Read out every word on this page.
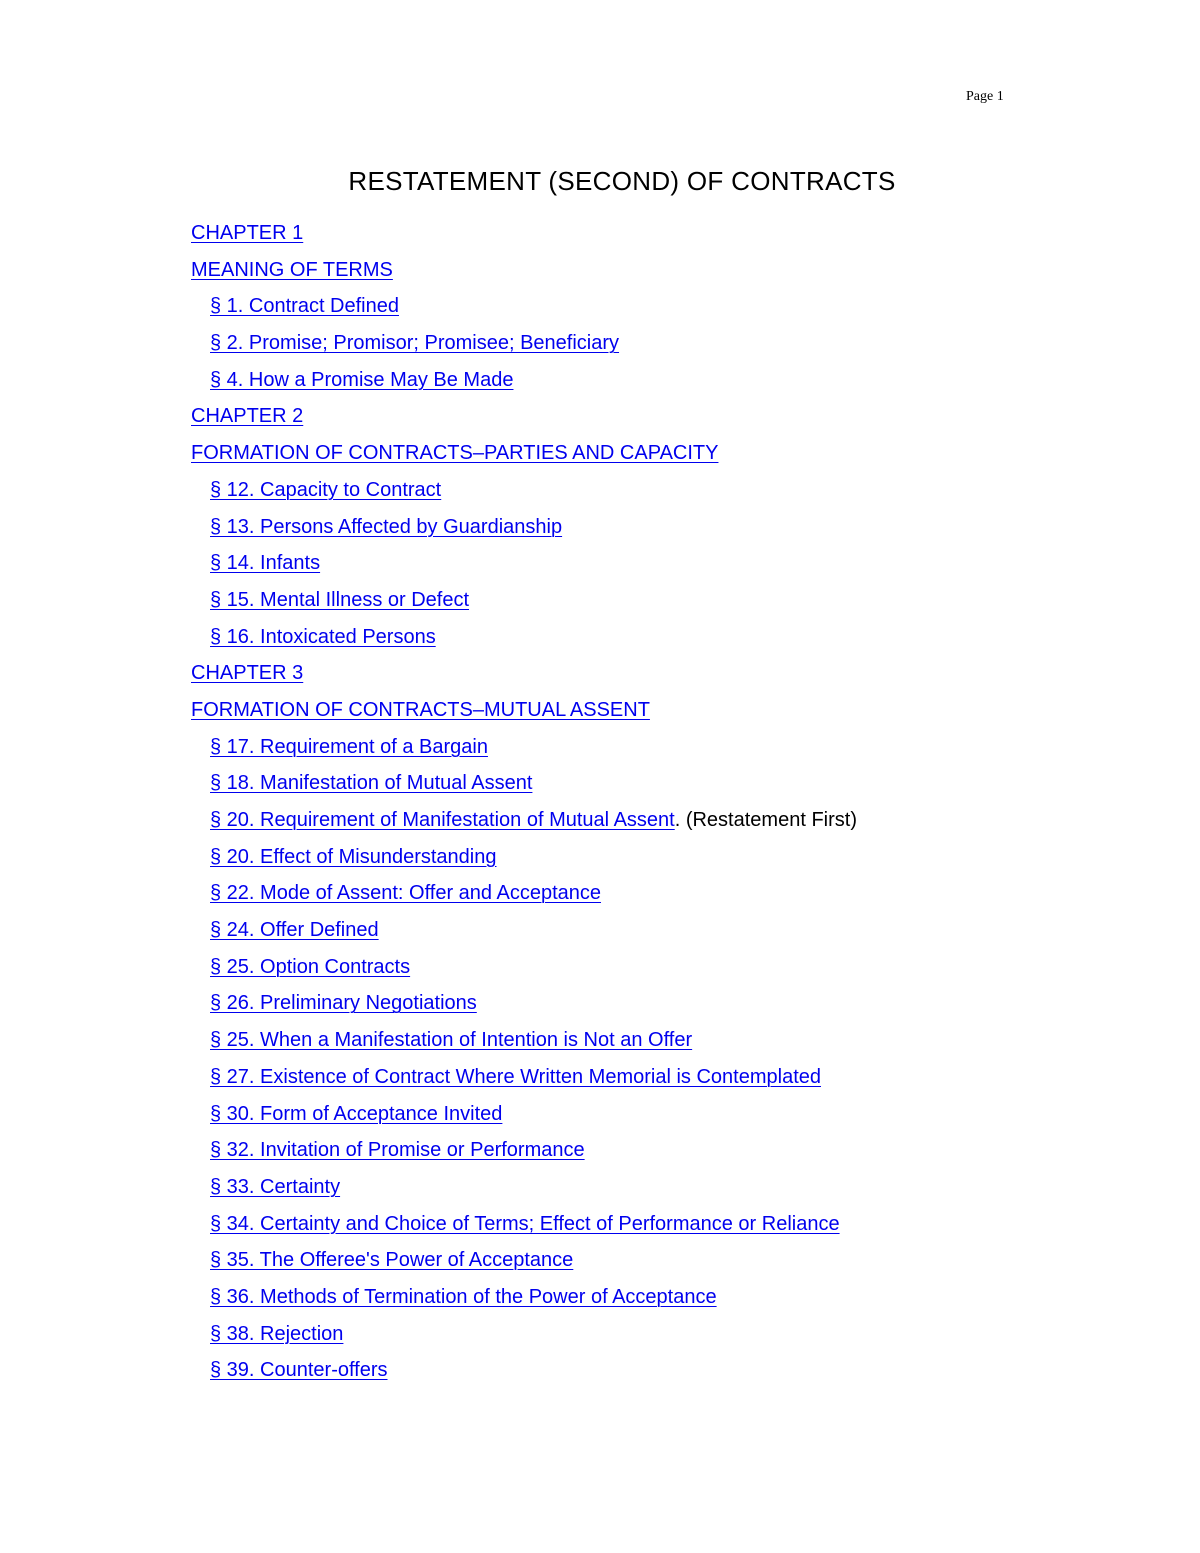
Page 1
RESTATEMENT (SECOND) OF CONTRACTS
CHAPTER 1
MEANING OF TERMS
§ 1. Contract Defined
§ 2. Promise; Promisor; Promisee; Beneficiary
§ 4. How a Promise May Be Made
CHAPTER 2
FORMATION OF CONTRACTS–PARTIES AND CAPACITY
§ 12. Capacity to Contract
§ 13. Persons Affected by Guardianship
§ 14. Infants
§ 15. Mental Illness or Defect
§ 16. Intoxicated Persons
CHAPTER 3
FORMATION OF CONTRACTS–MUTUAL ASSENT
§ 17. Requirement of a Bargain
§ 18. Manifestation of Mutual Assent
§ 20. Requirement of Manifestation of Mutual Assent. (Restatement First)
§ 20. Effect of Misunderstanding
§ 22. Mode of Assent: Offer and Acceptance
§ 24. Offer Defined
§ 25. Option Contracts
§ 26. Preliminary Negotiations
§ 25. When a Manifestation of Intention is Not an Offer
§ 27. Existence of Contract Where Written Memorial is Contemplated
§ 30. Form of Acceptance Invited
§ 32. Invitation of Promise or Performance
§ 33. Certainty
§ 34. Certainty and Choice of Terms; Effect of Performance or Reliance
§ 35. The Offeree's Power of Acceptance
§ 36. Methods of Termination of the Power of Acceptance
§ 38. Rejection
§ 39. Counter-offers
